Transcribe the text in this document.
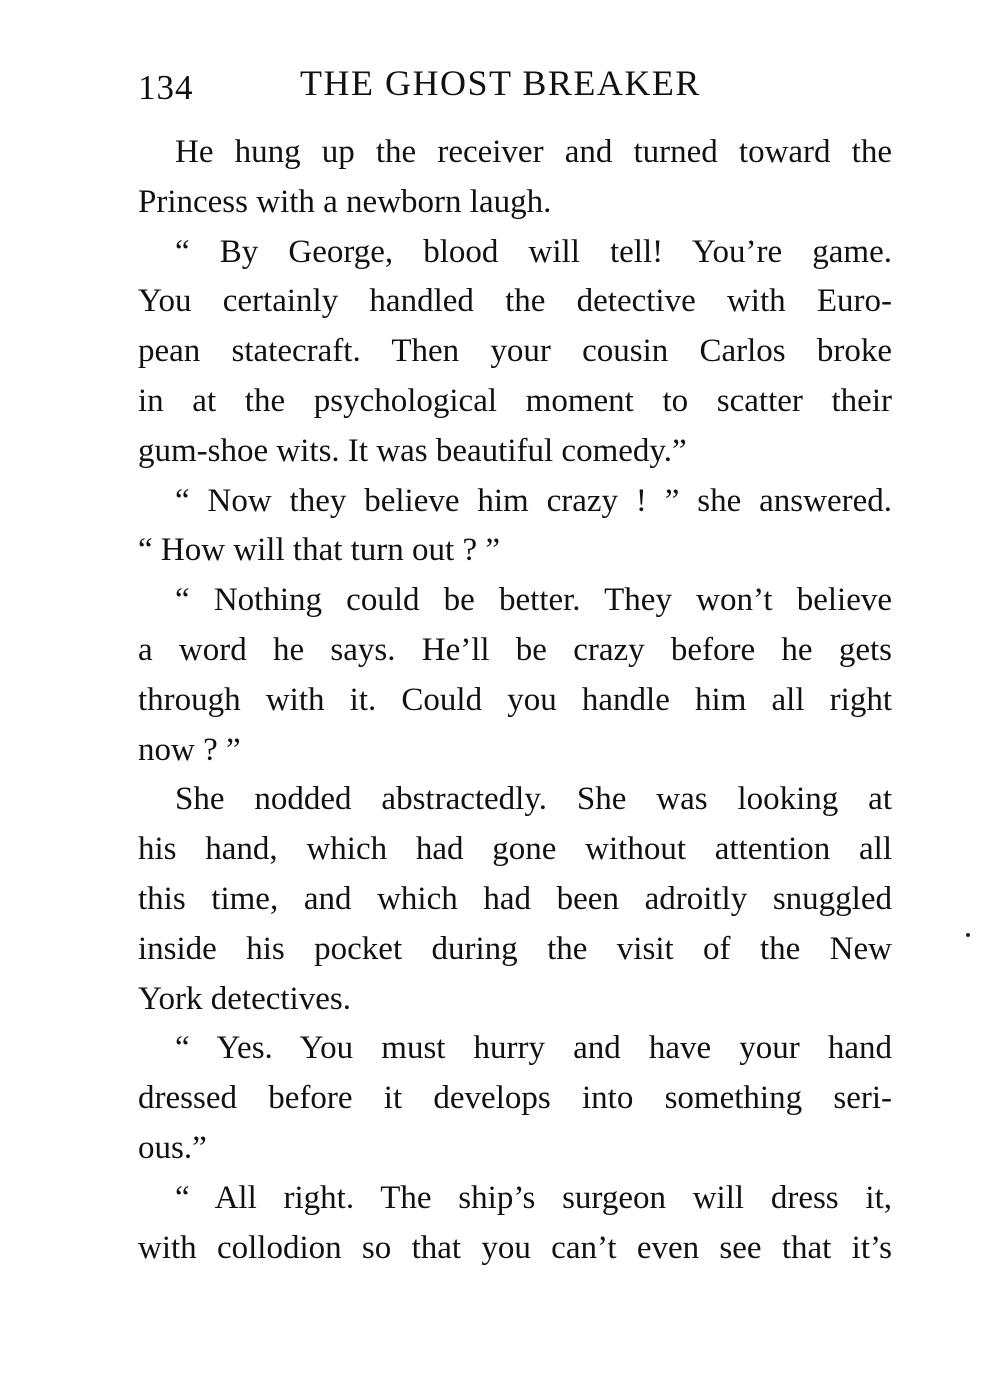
134	THE GHOST BREAKER

He hung up the receiver and turned toward the
Princess with a newborn laugh.

“ By George, blood will tell! You’re game.
You certainly handled the detective with Euro-
pean statecraft. Then your cousin Carlos broke
in at the psychological moment to scatter their
gum-shoe wits. It was beautiful comedy.”

“ Now they believe him crazy ! ” she answered.
“ How will that turn out ? ”

“ Nothing could be better. They won’t believe
a word he says. He’ll be crazy before he gets
through with it. Could you handle him all right
now ? ”

She nodded abstractedly. She was looking at
his hand, which had gone without attention all
this time, and which had been adroitly snuggled
inside his pocket during the visit of the New
York detectives.

“ Yes. You must hurry and have your hand
dressed before it develops into something seri-
ous.”

“ All right. The ship’s surgeon will dress it,
with collodion so that you can’t even see that it’s
